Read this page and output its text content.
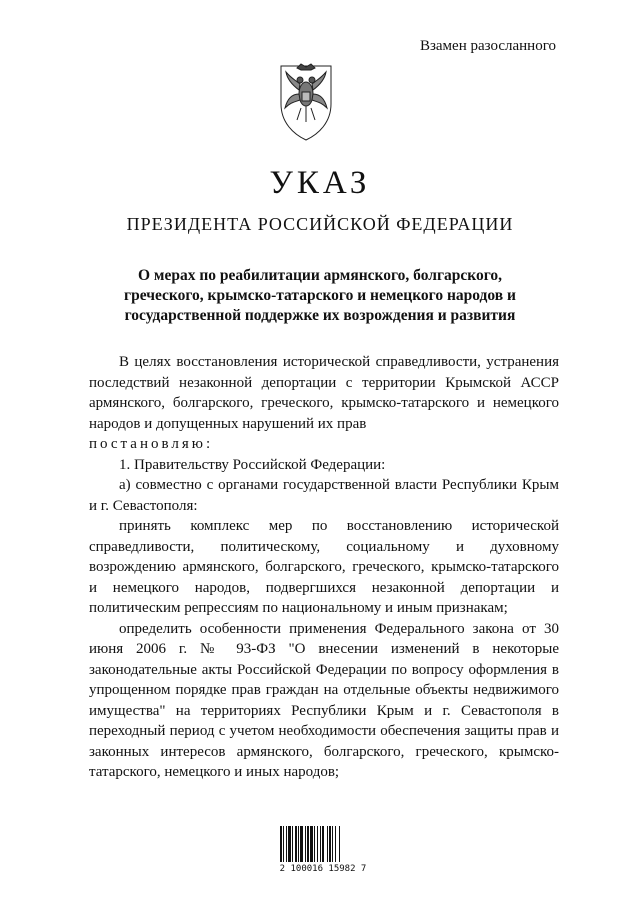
Взамен разосланного
УКАЗ
ПРЕЗИДЕНТА РОССИЙСКОЙ ФЕДЕРАЦИИ
О мерах по реабилитации армянского, болгарского,
греческого, крымско-татарского и немецкого народов и
государственной поддержке их возрождения и развития

В целях восстановления исторической справедливости, устранения последствий незаконной депортации с территории Крымской АССР армянского, болгарского, греческого, крымско-татарского и немецкого народов и допущенных нарушений их прав

постановляю:

1. Правительству Российской Федерации:

а) совместно с органами государственной власти Республики Крым и г. Севастополя:

принять комплекс мер по восстановлению исторической справедливости, политическому, социальному и духовному возрождению армянского, болгарского, греческого, крымско-татарского и немецкого народов, подвергшихся незаконной депортации и политическим репрессиям по национальному и иным признакам;

определить особенности применения Федерального закона от 30 июня 2006 г. № 93-ФЗ "О внесении изменений в некоторые законодательные акты Российской Федерации по вопросу оформления в упрощенном порядке прав граждан на отдельные объекты недвижимого имущества" на территориях Республики Крым и г. Севастополя в переходный период с учетом необходимости обеспечения защиты прав и законных интересов армянского, болгарского, греческого, крымско-татарского, немецкого и иных народов;

2 100016 15982 7
